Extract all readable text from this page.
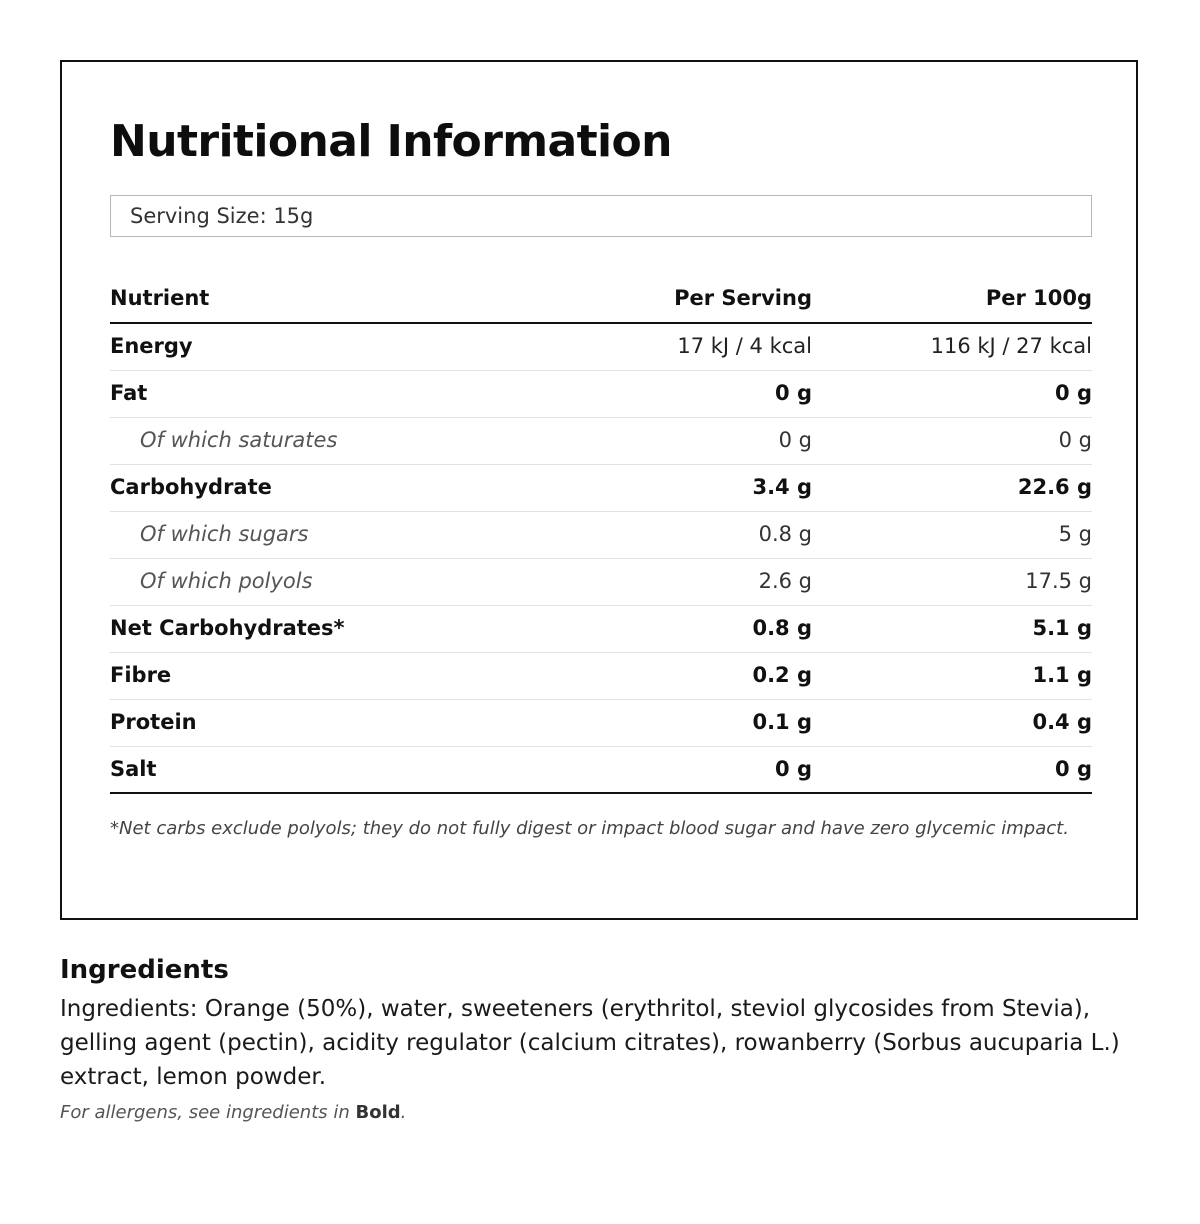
Nutritional Information
Serving Size: 15g
Nutrient	Per Serving	Per 100g
Energy	17 kJ / 4 kcal	116 kJ / 27 kcal
Fat	0 g	0 g
Of which saturates	0 g	0 g
Carbohydrate	3.4 g	22.6 g
Of which sugars	0.8 g	5 g
Of which polyols	2.6 g	17.5 g
Net Carbohydrates*	0.8 g	5.1 g
Fibre	0.2 g	1.1 g
Protein	0.1 g	0.4 g
Salt	0 g	0 g
*Net carbs exclude polyols; they do not fully digest or impact blood sugar and have zero glycemic impact.
Ingredients
Ingredients: Orange (50%), water, sweeteners (erythritol, steviol glycosides from Stevia), gelling agent (pectin), acidity regulator (calcium citrates), rowanberry (Sorbus aucuparia L.) extract, lemon powder.
For allergens, see ingredients in Bold.
